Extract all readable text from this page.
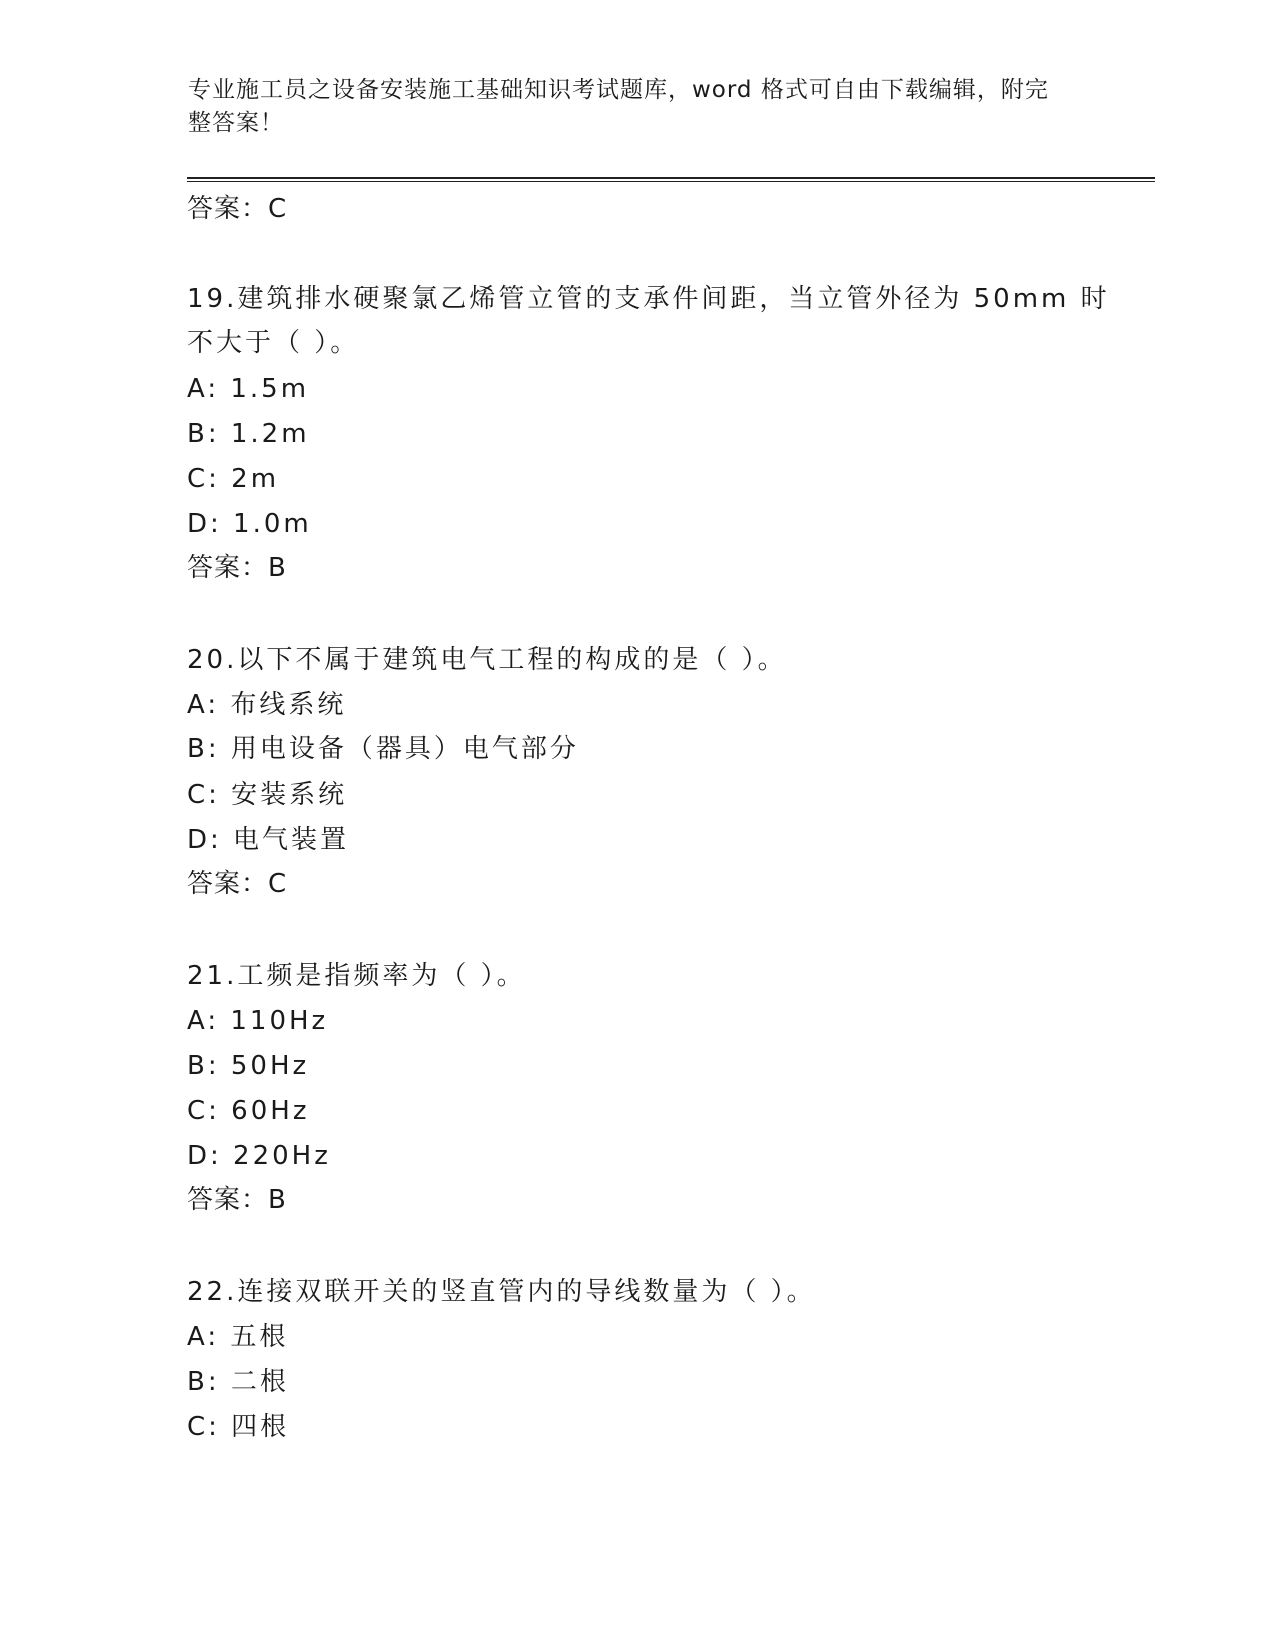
专业施工员之设备安装施工基础知识考试题库，word 格式可自由下载编辑，附完
整答案！
答案：C
19.建筑排水硬聚氯乙烯管立管的支承件间距，当立管外径为 50mm 时
不大于（ ）。
A: 1.5m
B: 1.2m
C: 2m
D: 1.0m
答案：B
20.以下不属于建筑电气工程的构成的是（ ）。
A: 布线系统
B: 用电设备（器具）电气部分
C: 安装系统
D: 电气装置
答案：C
21.工频是指频率为（ ）。
A: 110Hz
B: 50Hz
C: 60Hz
D: 220Hz
答案：B
22.连接双联开关的竖直管内的导线数量为（ ）。
A: 五根
B: 二根
C: 四根
